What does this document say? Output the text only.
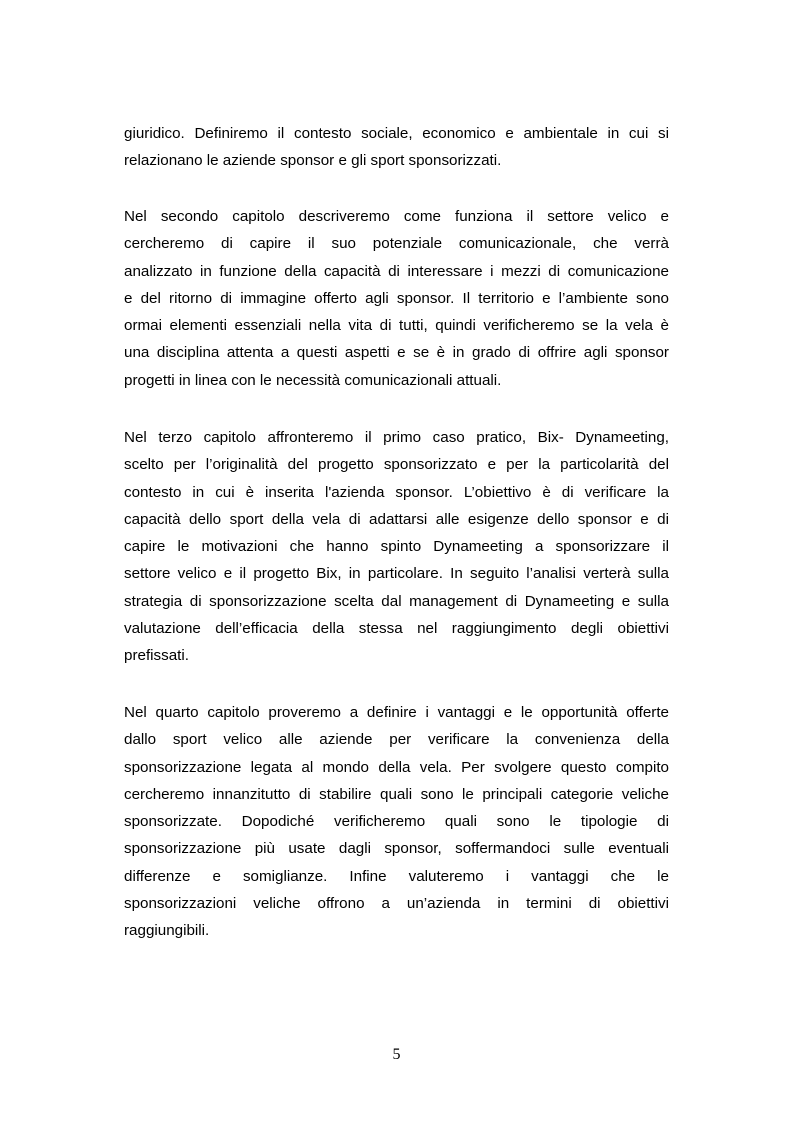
giuridico. Definiremo il contesto sociale, economico e ambientale in cui si
relazionano le aziende sponsor e gli sport sponsorizzati.
Nel secondo capitolo descriveremo come funziona il settore velico e
cercheremo di capire il suo potenziale comunicazionale, che verrà
analizzato in funzione della capacità di interessare i mezzi di comunicazione
e del ritorno di immagine offerto agli sponsor. Il territorio e l’ambiente sono
ormai elementi essenziali nella vita di tutti, quindi verificheremo se la vela è
una disciplina attenta a questi aspetti e se è in grado di offrire agli sponsor
progetti in linea con le necessità comunicazionali attuali.
Nel terzo capitolo affronteremo il primo caso pratico, Bix- Dynameeting,
scelto per l’originalità del progetto sponsorizzato e per la particolarità del
contesto in cui è inserita l'azienda sponsor. L’obiettivo è di verificare la
capacità dello sport della vela di adattarsi alle esigenze dello sponsor e di
capire le motivazioni che hanno spinto Dynameeting a sponsorizzare il
settore velico e il progetto Bix, in particolare. In seguito l’analisi verterà sulla
strategia di sponsorizzazione scelta dal management di Dynameeting e sulla
valutazione dell’efficacia della stessa nel raggiungimento degli obiettivi
prefissati.
Nel quarto capitolo proveremo a definire i vantaggi e le opportunità offerte
dallo sport velico alle aziende per verificare la convenienza della
sponsorizzazione legata al mondo della vela. Per svolgere questo compito
cercheremo innanzitutto di stabilire quali sono le principali categorie veliche
sponsorizzate. Dopodiché verificheremo quali sono le tipologie di
sponsorizzazione più usate dagli sponsor, soffermandoci sulle eventuali
differenze e somiglianze. Infine valuteremo i vantaggi che le
sponsorizzazioni veliche offrono a un’azienda in termini di obiettivi
raggiungibili.
5
